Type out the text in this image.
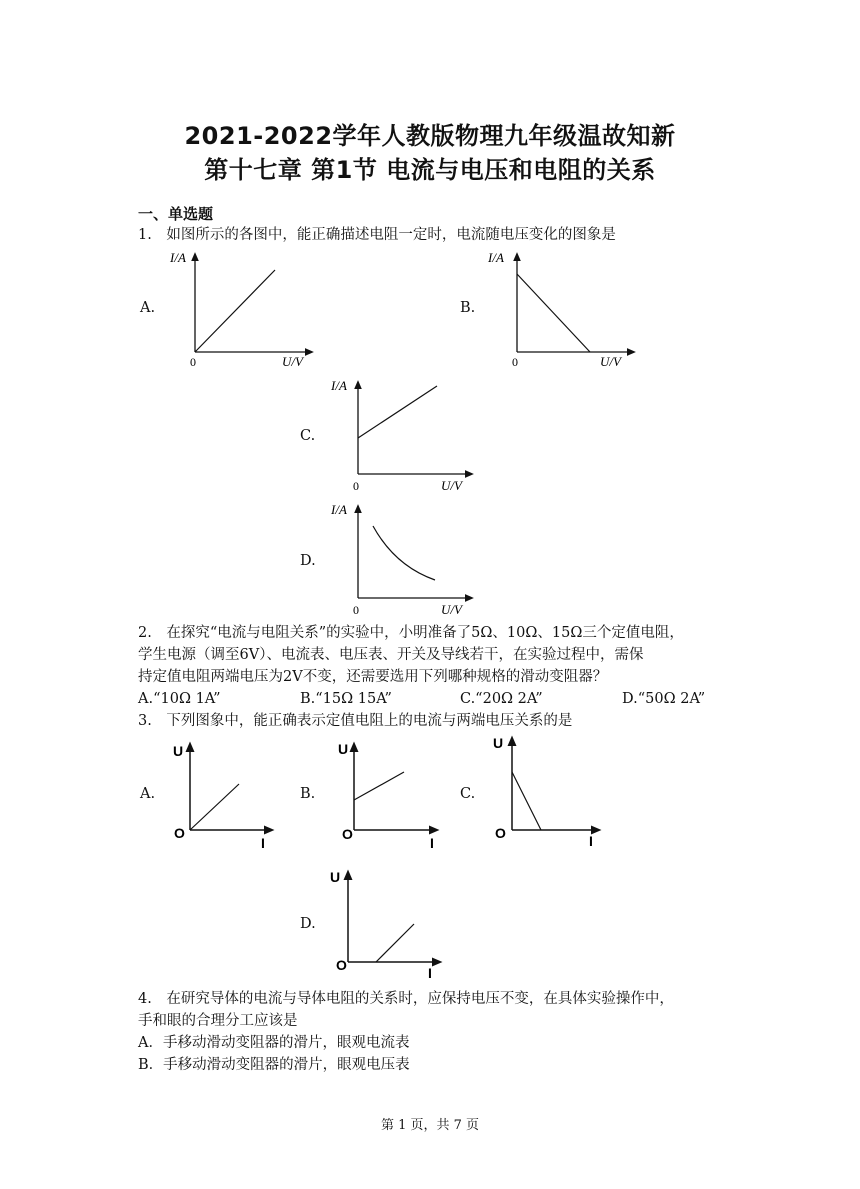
2021-2022学年人教版物理九年级温故知新
第十七章 第1节 电流与电压和电阻的关系
一、单选题
1.　如图所示的各图中，能正确描述电阻一定时，电流随电压变化的图象是
A.
I/A
U/V
0
B.
I/A
U/V
0
C.
I/A
U/V
0
D.
I/A
U/V
0
2.　在探究“电流与电阻关系”的实验中，小明准备了5Ω、10Ω、15Ω三个定值电阻，
学生电源（调至6V）、电流表、电压表、开关及导线若干，在实验过程中，需保
持定值电阻两端电压为2V不变，还需要选用下列哪种规格的滑动变阻器？
A.“10Ω 1A”	B.“15Ω 15A”	C.“20Ω 2A”	D.“50Ω 2A”
3.　下列图象中，能正确表示定值电阻上的电流与两端电压关系的是
A.
U
I
O
B.
U
I
O
C.
U
I
O
D.
U
I
O
4.　在研究导体的电流与导体电阻的关系时，应保持电压不变，在具体实验操作中，
手和眼的合理分工应该是
A．手移动滑动变阻器的滑片，眼观电流表
B．手移动滑动变阻器的滑片，眼观电压表
第 1 页，共 7 页
